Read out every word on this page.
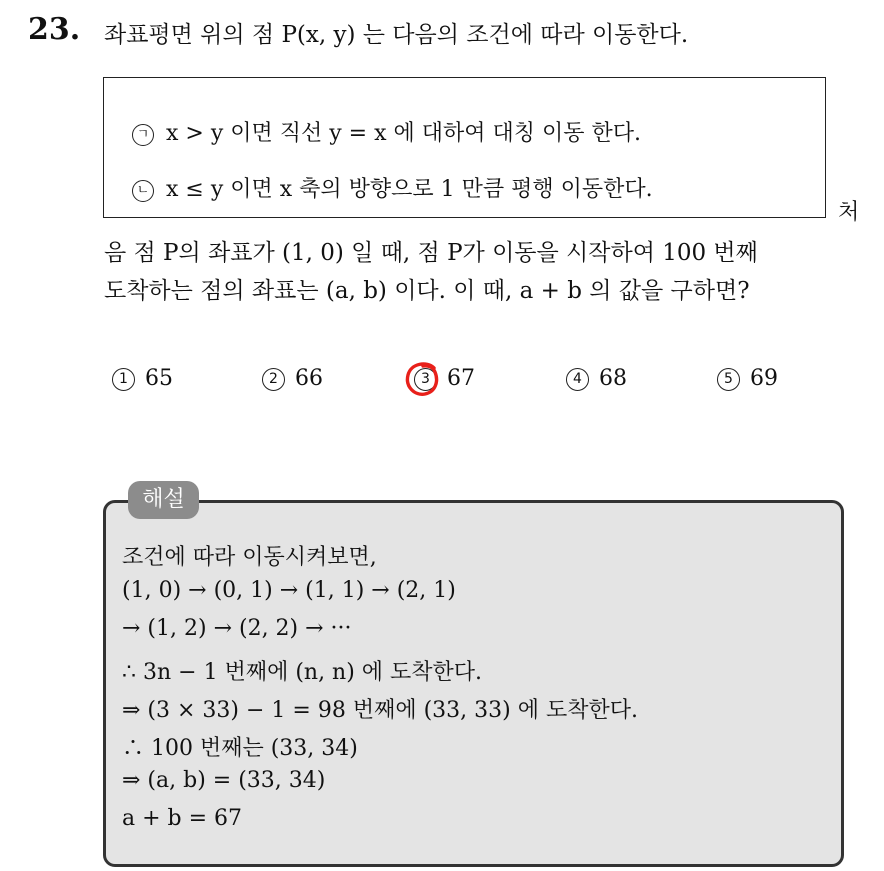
23. 좌표평면 위의 점 P(x, y) 는 다음의 조건에 따라 이동한다.
ㄱ x > y 이면 직선 y = x 에 대하여 대칭 이동 한다.
ㄴ x ≤ y 이면 x 축의 방향으로 1 만큼 평행 이동한다.
처
음 점 P의 좌표가 (1, 0) 일 때, 점 P가 이동을 시작하여 100 번째
도착하는 점의 좌표는 (a, b) 이다. 이 때, a + b 의 값을 구하면?
1 65	2 66	3 67	4 68	5 69
해설
조건에 따라 이동시켜보면,
(1, 0) → (0, 1) → (1, 1) → (2, 1)
→ (1, 2) → (2, 2) → ···
∴ 3n − 1 번째에 (n, n) 에 도착한다.
⇒ (3 × 33) − 1 = 98 번째에 (33, 33) 에 도착한다.
∴ 100 번째는 (33, 34)
⇒ (a, b) = (33, 34)
a + b = 67
